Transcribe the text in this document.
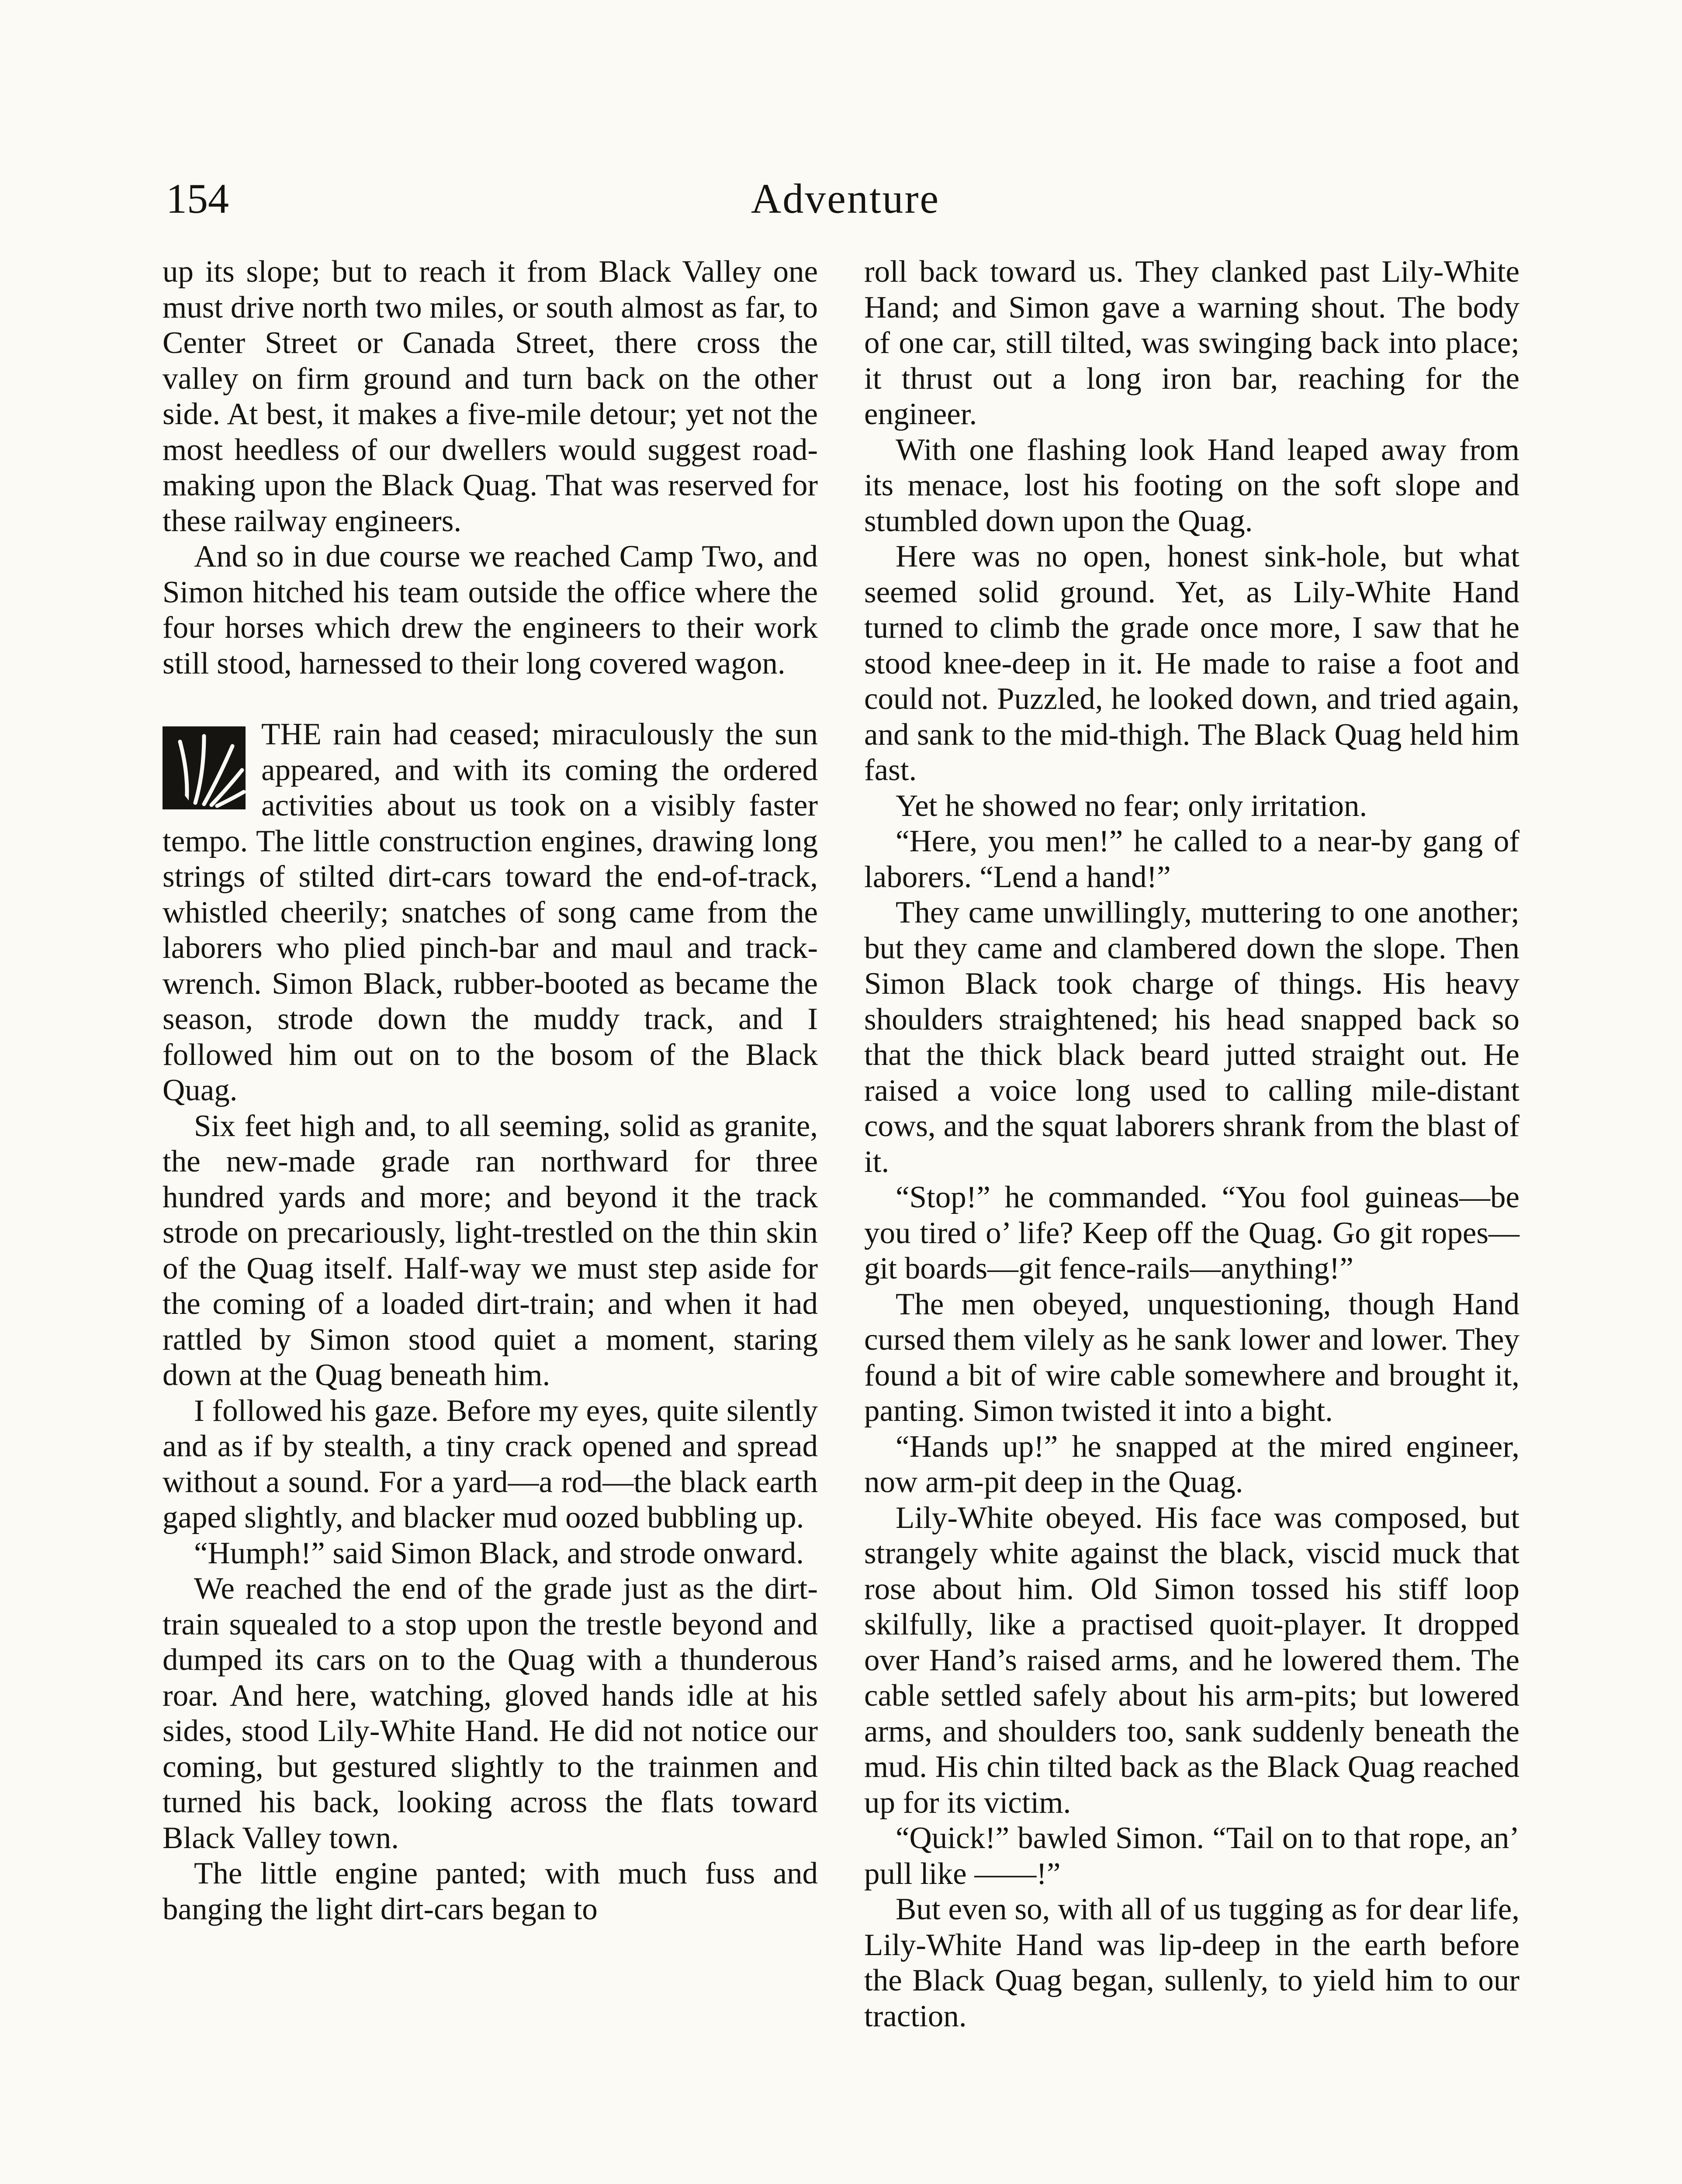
154	Adventure

up its slope; but to reach it from Black Valley one must drive north two miles, or south almost as far, to Center Street or Canada Street, there cross the valley on firm ground and turn back on the other side. At best, it makes a five-mile detour; yet not the most heedless of our dwellers would suggest road-making upon the Black Quag. That was reserved for these railway engineers.

And so in due course we reached Camp Two, and Simon hitched his team outside the office where the four horses which drew the engineers to their work still stood, harnessed to their long covered wagon.

THE rain had ceased; miraculously the sun appeared, and with its coming the ordered activities about us took on a visibly faster tempo. The little construction engines, drawing long strings of stilted dirt-cars toward the end-of-track, whistled cheerily; snatches of song came from the laborers who plied pinch-bar and maul and track-wrench. Simon Black, rubber-booted as became the season, strode down the muddy track, and I followed him out on to the bosom of the Black Quag.

Six feet high and, to all seeming, solid as granite, the new-made grade ran northward for three hundred yards and more; and beyond it the track strode on precariously, light-trestled on the thin skin of the Quag itself. Half-way we must step aside for the coming of a loaded dirt-train; and when it had rattled by Simon stood quiet a moment, staring down at the Quag beneath him.

I followed his gaze. Before my eyes, quite silently and as if by stealth, a tiny crack opened and spread without a sound. For a yard—a rod—the black earth gaped slightly, and blacker mud oozed bubbling up.

“Humph!” said Simon Black, and strode onward.

We reached the end of the grade just as the dirt-train squealed to a stop upon the trestle beyond and dumped its cars on to the Quag with a thunderous roar. And here, watching, gloved hands idle at his sides, stood Lily-White Hand. He did not notice our coming, but gestured slightly to the trainmen and turned his back, looking across the flats toward Black Valley town.

The little engine panted; with much fuss and banging the light dirt-cars began to

roll back toward us. They clanked past Lily-White Hand; and Simon gave a warning shout. The body of one car, still tilted, was swinging back into place; it thrust out a long iron bar, reaching for the engineer.

With one flashing look Hand leaped away from its menace, lost his footing on the soft slope and stumbled down upon the Quag.

Here was no open, honest sink-hole, but what seemed solid ground. Yet, as Lily-White Hand turned to climb the grade once more, I saw that he stood knee-deep in it. He made to raise a foot and could not. Puzzled, he looked down, and tried again, and sank to the mid-thigh. The Black Quag held him fast.

Yet he showed no fear; only irritation.

“Here, you men!” he called to a near-by gang of laborers. “Lend a hand!”

They came unwillingly, muttering to one another; but they came and clambered down the slope. Then Simon Black took charge of things. His heavy shoulders straightened; his head snapped back so that the thick black beard jutted straight out. He raised a voice long used to calling mile-distant cows, and the squat laborers shrank from the blast of it.

“Stop!” he commanded. “You fool guineas—be you tired o’ life? Keep off the Quag. Go git ropes—git boards—git fence-rails—anything!”

The men obeyed, unquestioning, though Hand cursed them vilely as he sank lower and lower. They found a bit of wire cable somewhere and brought it, panting. Simon twisted it into a bight.

“Hands up!” he snapped at the mired engineer, now arm-pit deep in the Quag.

Lily-White obeyed. His face was composed, but strangely white against the black, viscid muck that rose about him. Old Simon tossed his stiff loop skilfully, like a practised quoit-player. It dropped over Hand’s raised arms, and he lowered them. The cable settled safely about his arm-pits; but lowered arms, and shoulders too, sank suddenly beneath the mud. His chin tilted back as the Black Quag reached up for its victim.

“Quick!” bawled Simon. “Tail on to that rope, an’ pull like ——!”

But even so, with all of us tugging as for dear life, Lily-White Hand was lip-deep in the earth before the Black Quag began, sullenly, to yield him to our traction.
